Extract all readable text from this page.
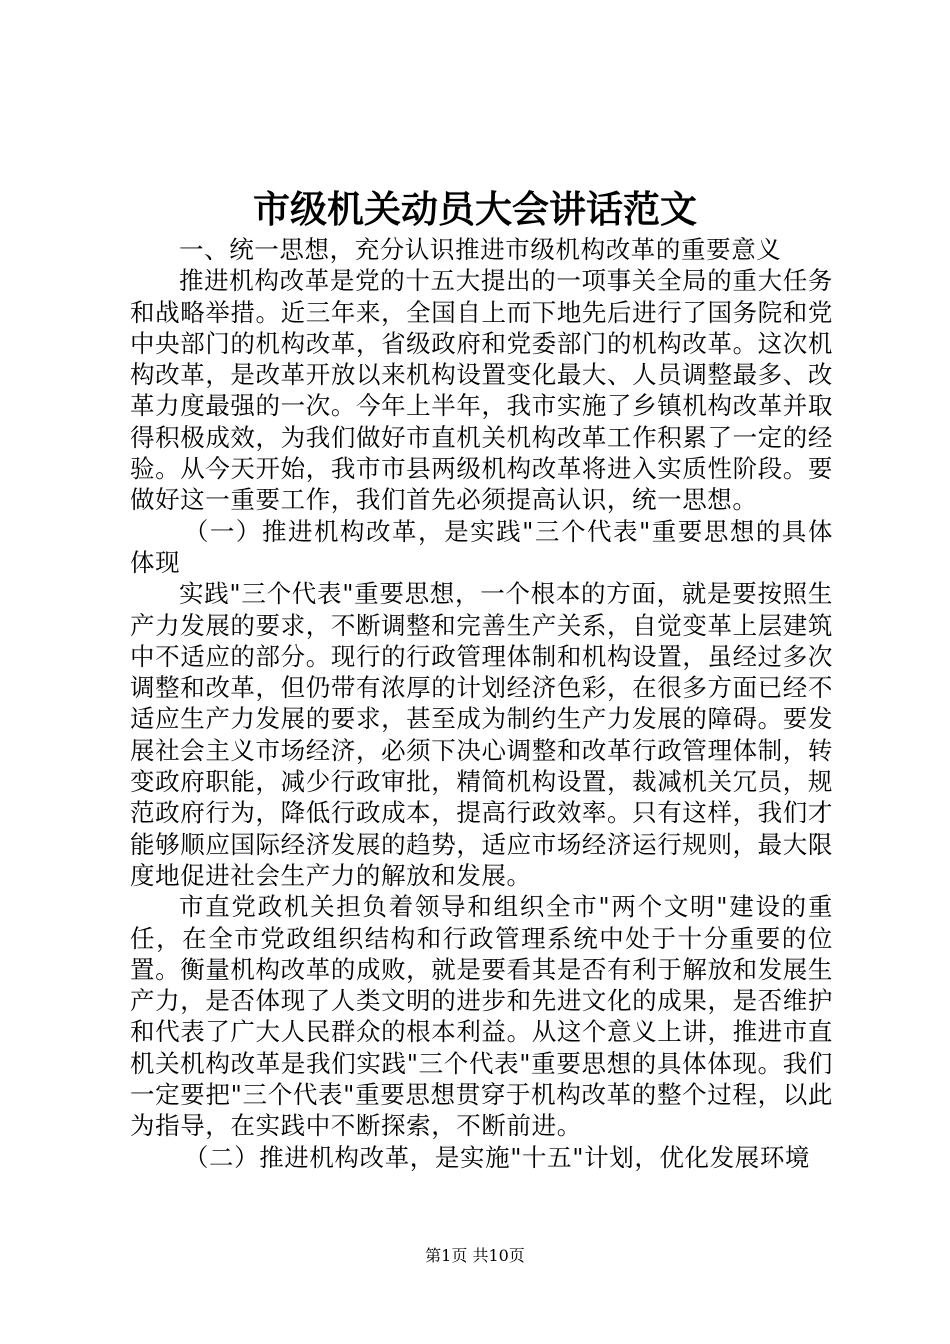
市级机关动员大会讲话范文

一、统一思想，充分认识推进市级机构改革的重要意义

推进机构改革是党的十五大提出的一项事关全局的重大任务和战略举措。近三年来，全国自上而下地先后进行了国务院和党中央部门的机构改革，省级政府和党委部门的机构改革。这次机构改革，是改革开放以来机构设置变化最大、人员调整最多、改革力度最强的一次。今年上半年，我市实施了乡镇机构改革并取得积极成效，为我们做好市直机关机构改革工作积累了一定的经验。从今天开始，我市市县两级机构改革将进入实质性阶段。要做好这一重要工作，我们首先必须提高认识，统一思想。

（一）推进机构改革，是实践"三个代表"重要思想的具体体现

实践"三个代表"重要思想，一个根本的方面，就是要按照生产力发展的要求，不断调整和完善生产关系，自觉变革上层建筑中不适应的部分。现行的行政管理体制和机构设置，虽经过多次调整和改革，但仍带有浓厚的计划经济色彩，在很多方面已经不适应生产力发展的要求，甚至成为制约生产力发展的障碍。要发展社会主义市场经济，必须下决心调整和改革行政管理体制，转变政府职能，减少行政审批，精简机构设置，裁减机关冗员，规范政府行为，降低行政成本，提高行政效率。只有这样，我们才能够顺应国际经济发展的趋势，适应市场经济运行规则，最大限度地促进社会生产力的解放和发展。

市直党政机关担负着领导和组织全市"两个文明"建设的重任，在全市党政组织结构和行政管理系统中处于十分重要的位置。衡量机构改革的成败，就是要看其是否有利于解放和发展生产力，是否体现了人类文明的进步和先进文化的成果，是否维护和代表了广大人民群众的根本利益。从这个意义上讲，推进市直机关机构改革是我们实践"三个代表"重要思想的具体体现。我们一定要把"三个代表"重要思想贯穿于机构改革的整个过程，以此为指导，在实践中不断探索，不断前进。

（二）推进机构改革，是实施"十五"计划，优化发展环境

第1页 共10页
